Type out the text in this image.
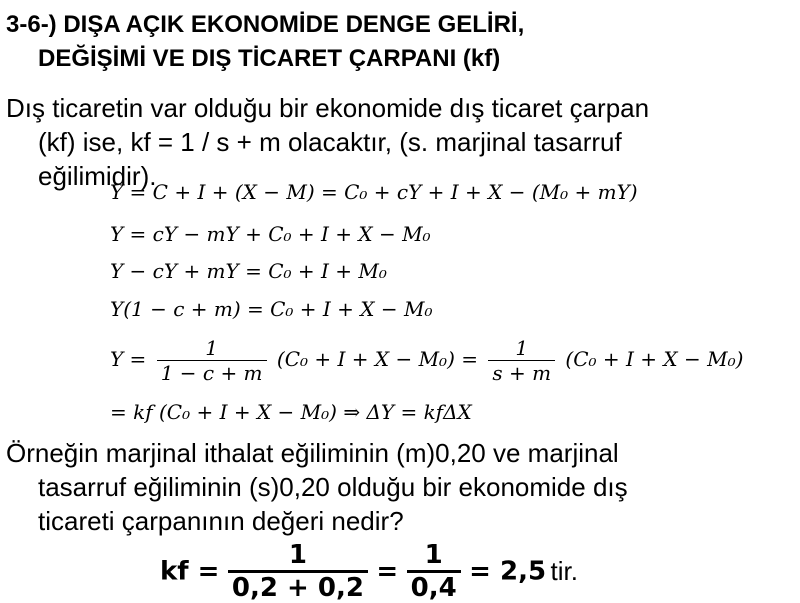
3-6-) DIŞA AÇIK EKONOMİDE DENGE GELİRİ,
DEĞİŞİMİ VE DIŞ TİCARET ÇARPANI (kf)
Dış ticaretin var olduğu bir ekonomide dış ticaret çarpan
(kf) ise, kf = 1 / s + m olacaktır, (s. marjinal tasarruf
eğilimidir).
Y = C + I + (X − M) = C₀ + cY + I + X − (M₀ + mY)
Y = cY − mY + C₀ + I + X − M₀
Y − cY + mY = C₀ + I + M₀
Y(1 − c + m) = C₀ + I + X − M₀
$Y = \frac{1}{1 - c + m} (C_0 + I + X - M_0) = \frac{1}{s + m} (C_0 + I + X - M_0)$
= kf (C₀ + I + X − M₀) ⇒ ΔY = kfΔX
Örneğin marjinal ithalat eğiliminin (m)0,20 ve marjinal
tasarruf eğiliminin (s)0,20 olduğu bir ekonomide dış
ticareti çarpanının değeri nedir?
kf = $\frac{1}{0,2 + 0,2} = \frac{1}{0,4} = 2,5$ tir.
